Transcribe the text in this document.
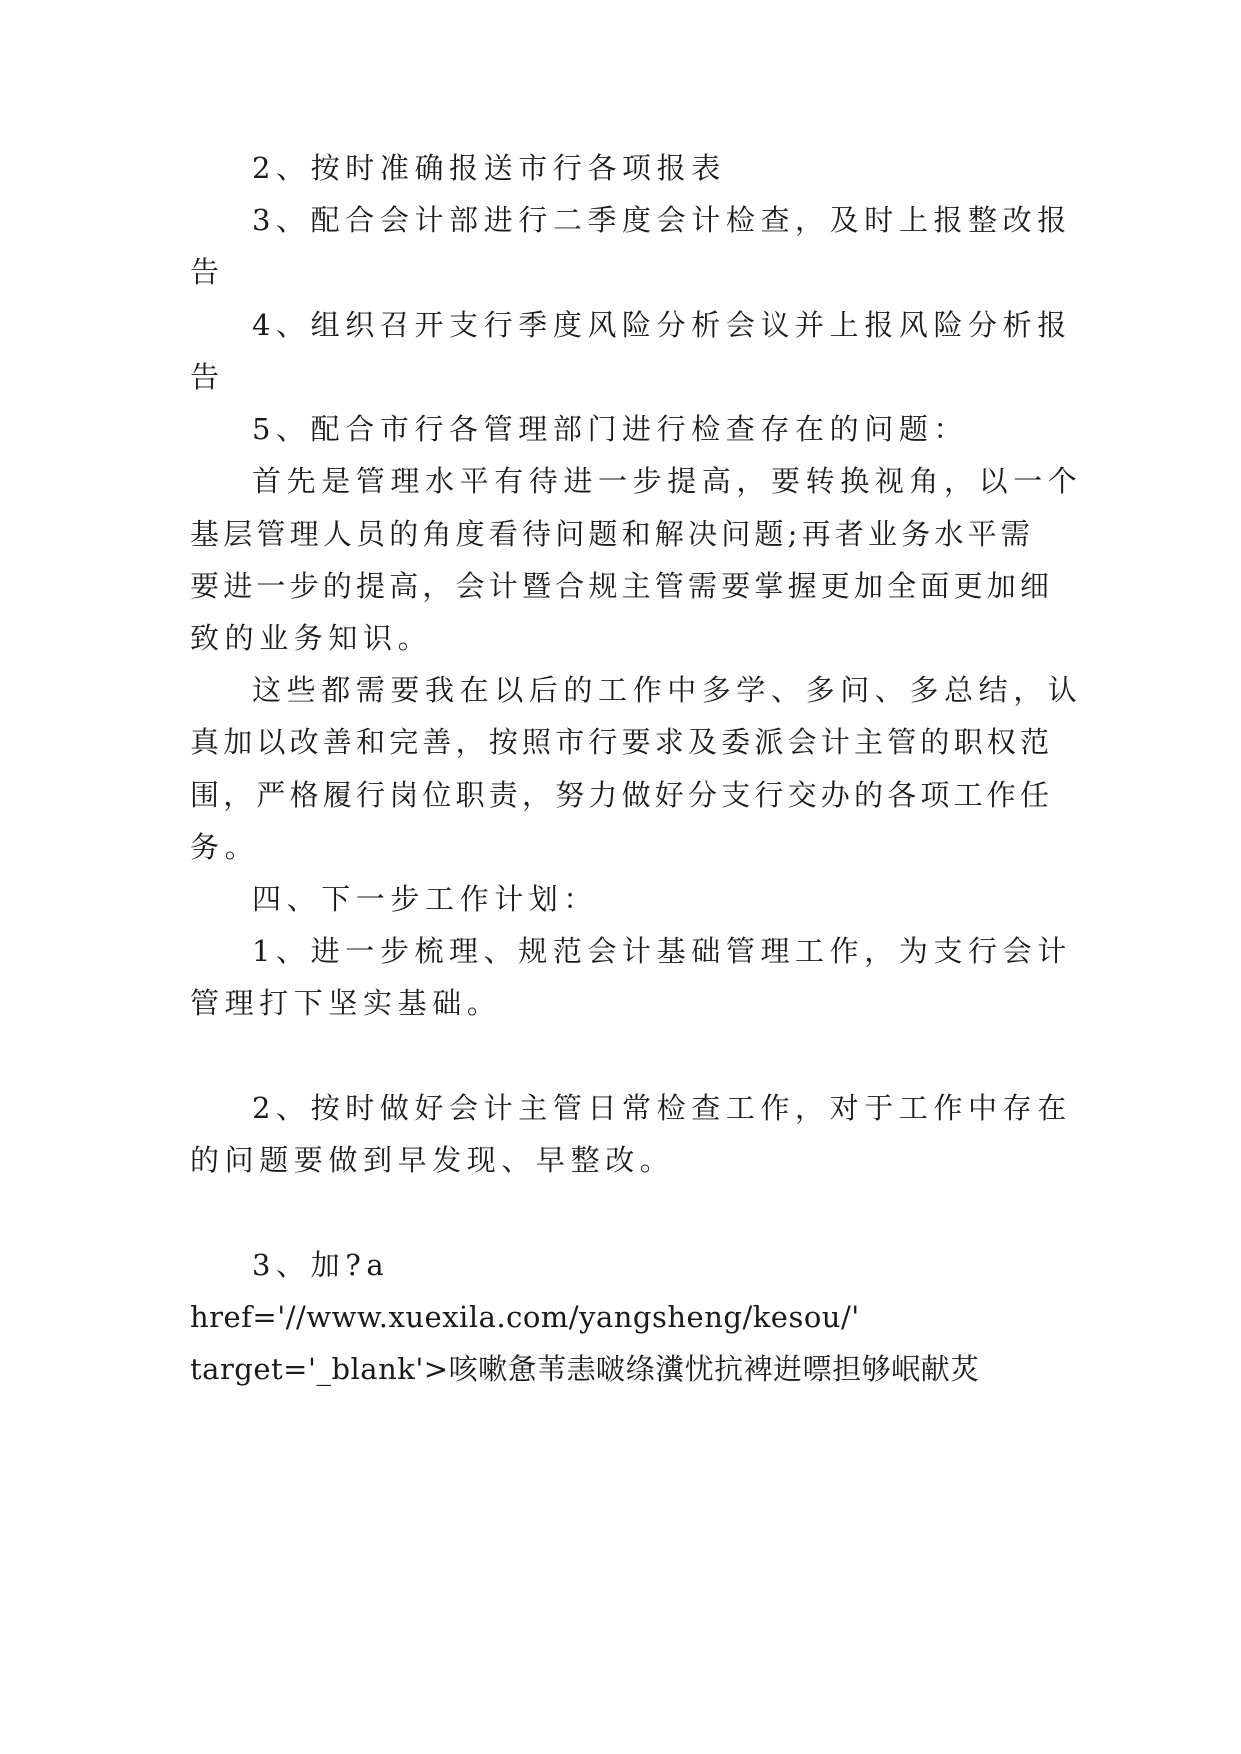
2、按时准确报送市行各项报表
3、配合会计部进行二季度会计检查，及时上报整改报
告
4、组织召开支行季度风险分析会议并上报风险分析报
告
5、配合市行各管理部门进行检查存在的问题：
首先是管理水平有待进一步提高，要转换视角，以一个
基层管理人员的角度看待问题和解决问题;再者业务水平需
要进一步的提高，会计暨合规主管需要掌握更加全面更加细
致的业务知识。
这些都需要我在以后的工作中多学、多问、多总结，认
真加以改善和完善，按照市行要求及委派会计主管的职权范
围，严格履行岗位职责，努力做好分支行交办的各项工作任
务。
四、下一步工作计划：
1、进一步梳理、规范会计基础管理工作，为支行会计
管理打下坚实基础。
2、按时做好会计主管日常检查工作，对于工作中存在
的问题要做到早发现、早整改。
3、加?a
href='//www.xuexila.com/yangsheng/kesou/'
target='_blank'>咳嗽惫苇恚啵绦瀵忧抗裨逬嘌担够岷献炗
